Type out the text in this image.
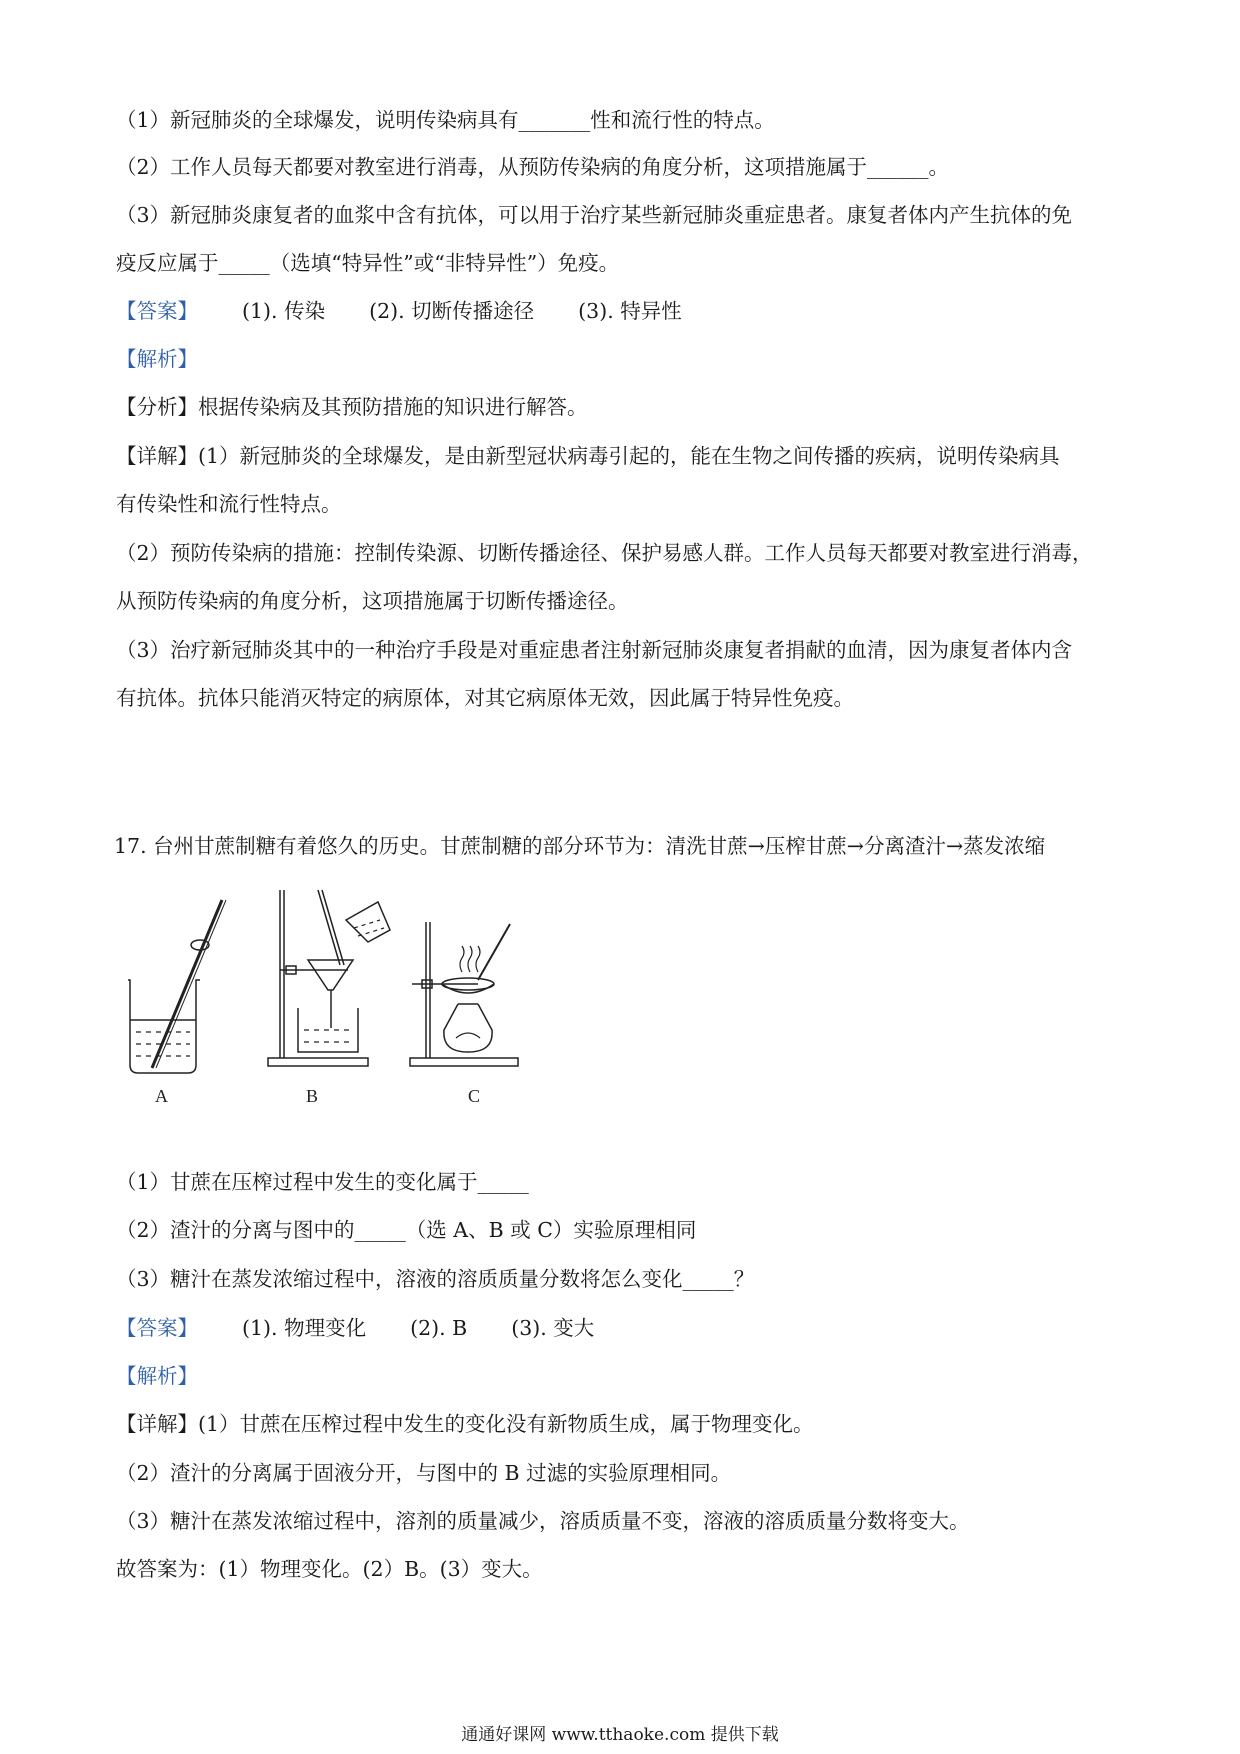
（1）新冠肺炎的全球爆发，说明传染病具有_______性和流行性的特点。
（2）工作人员每天都要对教室进行消毒，从预防传染病的角度分析，这项措施属于______。
（3）新冠肺炎康复者的血浆中含有抗体，可以用于治疗某些新冠肺炎重症患者。康复者体内产生抗体的免
疫反应属于_____（选填“特异性”或“非特异性”）免疫。
【答案】 (1). 传染 (2). 切断传播途径 (3). 特异性
【解析】
【分析】根据传染病及其预防措施的知识进行解答。
【详解】(1）新冠肺炎的全球爆发，是由新型冠状病毒引起的，能在生物之间传播的疾病，说明传染病具
有传染性和流行性特点。
（2）预防传染病的措施：控制传染源、切断传播途径、保护易感人群。工作人员每天都要对教室进行消毒，
从预防传染病的角度分析，这项措施属于切断传播途径。
（3）治疗新冠肺炎其中的一种治疗手段是对重症患者注射新冠肺炎康复者捐献的血清，因为康复者体内含
有抗体。抗体只能消灭特定的病原体，对其它病原体无效，因此属于特异性免疫。
17. 台州甘蔗制糖有着悠久的历史。甘蔗制糖的部分环节为：清洗甘蔗→压榨甘蔗→分离渣汁→蒸发浓缩
A	B	C
（1）甘蔗在压榨过程中发生的变化属于_____
（2）渣汁的分离与图中的_____（选 A、B 或 C）实验原理相同
（3）糖汁在蒸发浓缩过程中，溶液的溶质质量分数将怎么变化_____？
【答案】 (1). 物理变化 (2). B (3). 变大
【解析】
【详解】(1）甘蔗在压榨过程中发生的变化没有新物质生成，属于物理变化。
（2）渣汁的分离属于固液分开，与图中的 B 过滤的实验原理相同。
（3）糖汁在蒸发浓缩过程中，溶剂的质量减少，溶质质量不变，溶液的溶质质量分数将变大。
故答案为：(1）物理变化。(2）B。(3）变大。
通通好课网 www.tthaoke.com 提供下载
